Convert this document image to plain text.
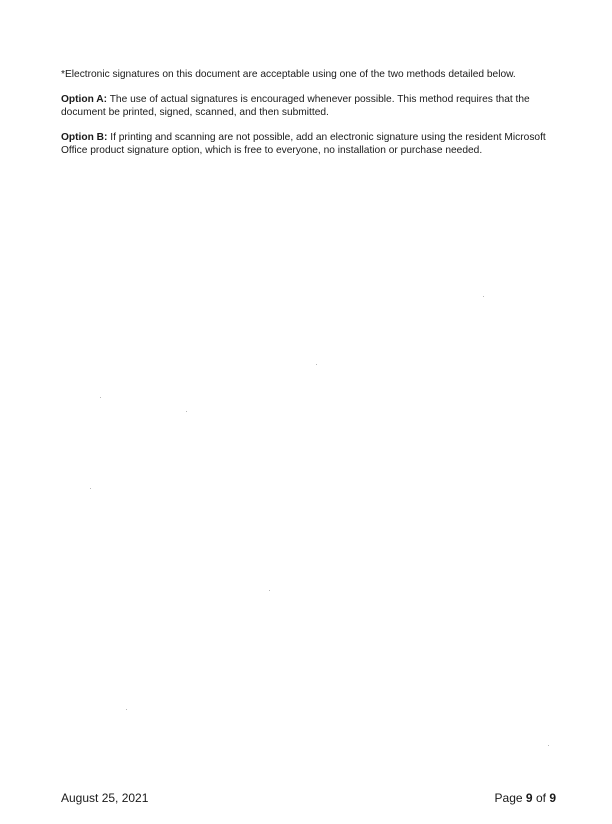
*Electronic signatures on this document are acceptable using one of the two methods detailed below.

Option A: The use of actual signatures is encouraged whenever possible. This method requires that the document be printed, signed, scanned, and then submitted.

Option B: If printing and scanning are not possible, add an electronic signature using the resident Microsoft Office product signature option, which is free to everyone, no installation or purchase needed.

August 25, 2021	Page 9 of 9
